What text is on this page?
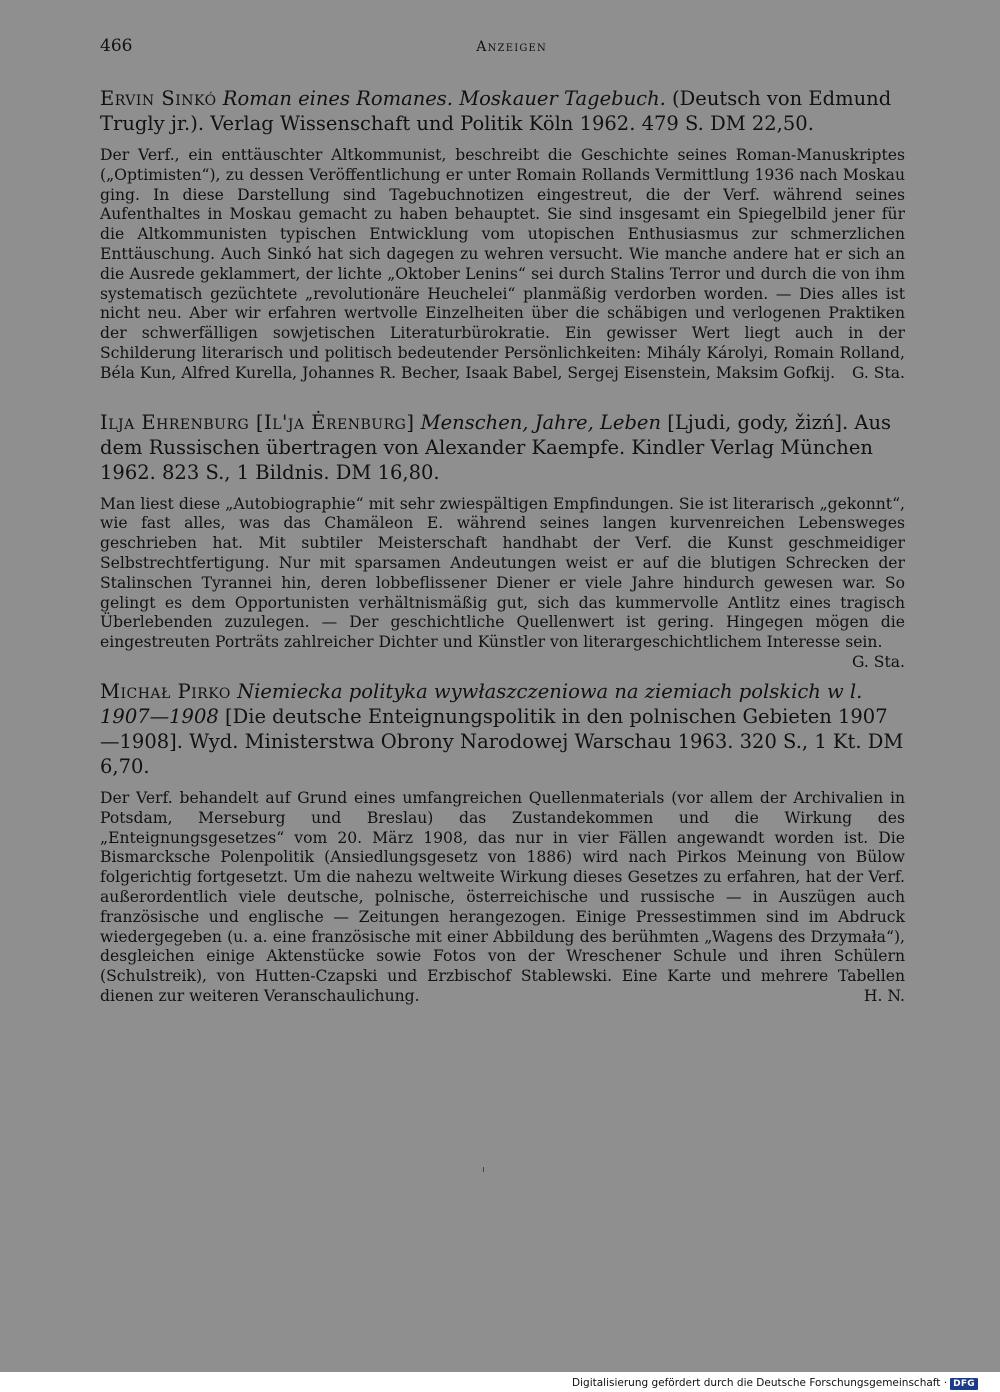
466	Anzeigen

Ervin Sinkó Roman eines Romanes. Moskauer Tagebuch. (Deutsch von Edmund Trugly jr.). Verlag Wissenschaft und Politik Köln 1962. 479 S. DM 22,50.

Der Verf., ein enttäuschter Altkommunist, beschreibt die Geschichte seines Roman-Manuskriptes („Optimisten“), zu dessen Veröffentlichung er unter Romain Rollands Vermittlung 1936 nach Moskau ging. In diese Darstellung sind Tagebuchnotizen eingestreut, die der Verf. während seines Aufenthaltes in Moskau gemacht zu haben behauptet. Sie sind insgesamt ein Spiegelbild jener für die Altkommunisten typischen Entwicklung vom utopischen Enthusiasmus zur schmerzlichen Enttäuschung. Auch Sinkó hat sich dagegen zu wehren versucht. Wie manche andere hat er sich an die Ausrede geklammert, der lichte „Oktober Lenins“ sei durch Stalins Terror und durch die von ihm systematisch gezüchtete „revolutionäre Heuchelei“ planmäßig verdorben worden. — Dies alles ist nicht neu. Aber wir erfahren wertvolle Einzelheiten über die schäbigen und verlogenen Praktiken der schwerfälligen sowjetischen Literaturbürokratie. Ein gewisser Wert liegt auch in der Schilderung literarisch und politisch bedeutender Persönlichkeiten: Mihály Károlyi, Romain Rolland, Béla Kun, Alfred Kurella, Johannes R. Becher, Isaak Babel, Sergej Eisenstein, Maksim Gofkij. G. Sta.

Ilja Ehrenburg [Il'ja Ėrenburg] Menschen, Jahre, Leben [Ljudi, gody, žizń]. Aus dem Russischen übertragen von Alexander Kaempfe. Kindler Verlag München 1962. 823 S., 1 Bildnis. DM 16,80.

Man liest diese „Autobiographie“ mit sehr zwiespältigen Empfindungen. Sie ist literarisch „gekonnt“, wie fast alles, was das Chamäleon E. während seines langen kurvenreichen Lebensweges geschrieben hat. Mit subtiler Meisterschaft handhabt der Verf. die Kunst geschmeidiger Selbstrechtfertigung. Nur mit sparsamen Andeutungen weist er auf die blutigen Schrecken der Stalinschen Tyrannei hin, deren lobbeflissener Diener er viele Jahre hindurch gewesen war. So gelingt es dem Opportunisten verhältnismäßig gut, sich das kummervolle Antlitz eines tragisch Überlebenden zuzulegen. — Der geschichtliche Quellenwert ist gering. Hingegen mögen die eingestreuten Porträts zahlreicher Dichter und Künstler von literargeschichtlichem Interesse sein.
G. Sta.

Michał Pirko Niemiecka polityka wywłaszczeniowa na ziemiach polskich w l. 1907—1908 [Die deutsche Enteignungspolitik in den polnischen Gebieten 1907—1908]. Wyd. Ministerstwa Obrony Narodowej Warschau 1963. 320 S., 1 Kt. DM 6,70.

Der Verf. behandelt auf Grund eines umfangreichen Quellenmaterials (vor allem der Archivalien in Potsdam, Merseburg und Breslau) das Zustandekommen und die Wirkung des „Enteignungsgesetzes“ vom 20. März 1908, das nur in vier Fällen angewandt worden ist. Die Bismarcksche Polenpolitik (Ansiedlungsgesetz von 1886) wird nach Pirkos Meinung von Bülow folgerichtig fortgesetzt. Um die nahezu weltweite Wirkung dieses Gesetzes zu erfahren, hat der Verf. außerordentlich viele deutsche, polnische, österreichische und russische — in Auszügen auch französische und englische — Zeitungen herangezogen. Einige Pressestimmen sind im Abdruck wiedergegeben (u. a. eine französische mit einer Abbildung des berühmten „Wagens des Drzymała“), desgleichen einige Aktenstücke sowie Fotos von der Wreschener Schule und ihren Schülern (Schulstreik), von Hutten-Czapski und Erzbischof Stablewski. Eine Karte und mehrere Tabellen dienen zur weiteren Veranschaulichung.	H. N.

Digitalisierung gefördert durch die Deutsche Forschungsgemeinschaft · DFG
